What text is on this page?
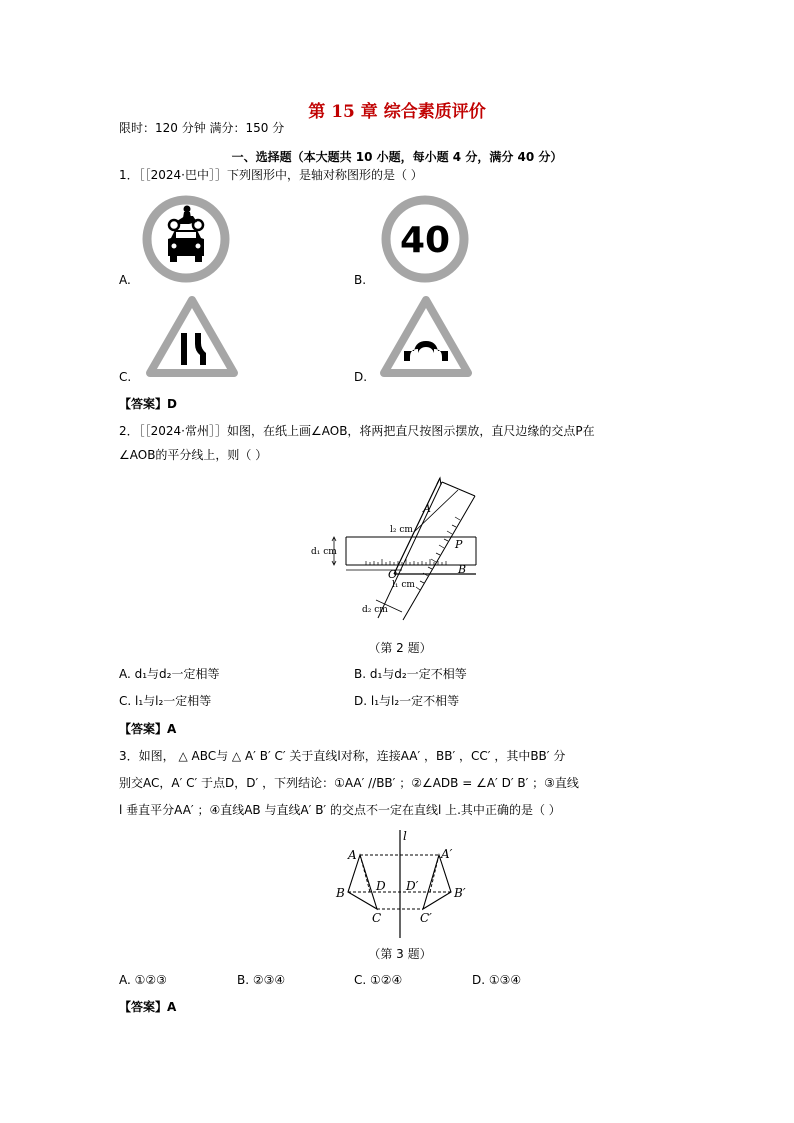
第 15 章 综合素质评价
限时：120 分钟 满分：150 分
一、选择题（本大题共 10 小题，每小题 4 分，满分 40 分）
1．［［2024·巴中］］下列图形中，是轴对称图形的是（ ）
A.
40
B.
C.	D.
【答案】D
2．［［2024·常州］］如图，在纸上画∠AOB，将两把直尺按图示摆放，直尺边缘的交点P在
∠AOB的平分线上，则（ ）
A
P
B
O
l₂ cm
d₁ cm
l₁ cm
d₂ cm
（第 2 题）
A. d₁与d₂一定相等	B. d₁与d₂一定不相等
C. l₁与l₂一定相等	D. l₁与l₂一定不相等
【答案】A
3．如图， △ ABC与 △ A′ B′ C′ 关于直线l对称，连接AA′ ，BB′ ，CC′ ，其中BB′ 分
别交AC，A′ C′ 于点D，D′ ，下列结论：①AA′ //BB′ ；②∠ADB = ∠A′ D′ B′ ；③直线
l 垂直平分AA′ ；④直线AB 与直线A′ B′ 的交点不一定在直线l 上.其中正确的是（ ）
A	A′
B	B′
C	C′
D D′
l
（第 3 题）
A. ①②③	B. ②③④	C. ①②④	D. ①③④
【答案】A
